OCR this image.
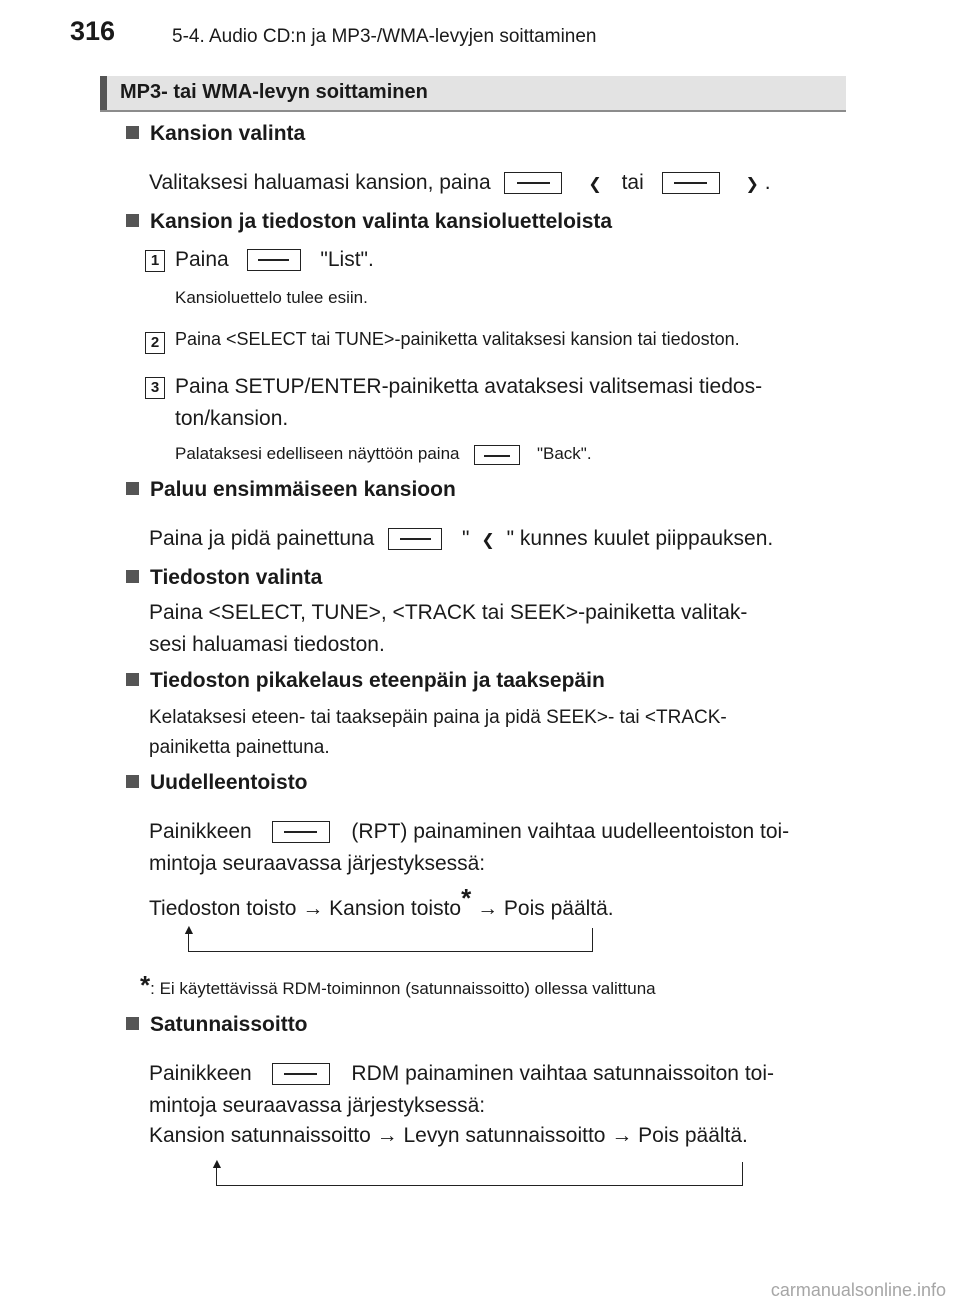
316	5-4. Audio CD:n ja MP3-/WMA-levyjen soittaminen
MP3- tai WMA-levyn soittaminen
Kansion valinta
Valitaksesi haluamasi kansion, paina	❮ tai	❯ .
Kansion ja tiedoston valinta kansioluetteloista
1 Paina	"List".
Kansioluettelo tulee esiin.
2 Paina <SELECT tai TUNE>-painiketta valitaksesi kansion tai tiedoston.
3 Paina SETUP/ENTER-painiketta avataksesi valitsemasi tiedos-
ton/kansion.
Palataksesi edelliseen näyttöön paina	"Back".
Paluu ensimmäiseen kansioon
Paina ja pidä painettuna	" ❮ " kunnes kuulet piippauksen.
Tiedoston valinta
Paina <SELECT, TUNE>, <TRACK tai SEEK>-painiketta valitak-
sesi haluamasi tiedoston.
Tiedoston pikakelaus eteenpäin ja taaksepäin
Kelataksesi eteen- tai taaksepäin paina ja pidä SEEK>- tai <TRACK-
painiketta painettuna.
Uudelleentoisto
Painikkeen	(RPT) painaminen vaihtaa uudelleentoiston toi-
mintoja seuraavassa järjestyksessä:
Tiedoston toisto → Kansion toisto* → Pois päältä.
▲
*: Ei käytettävissä RDM-toiminnon (satunnaissoitto) ollessa valittuna
Satunnaissoitto
Painikkeen	RDM painaminen vaihtaa satunnaissoiton toi-
mintoja seuraavassa järjestyksessä:
Kansion satunnaissoitto → Levyn satunnaissoitto → Pois päältä.
▲
carmanualsonline.info
